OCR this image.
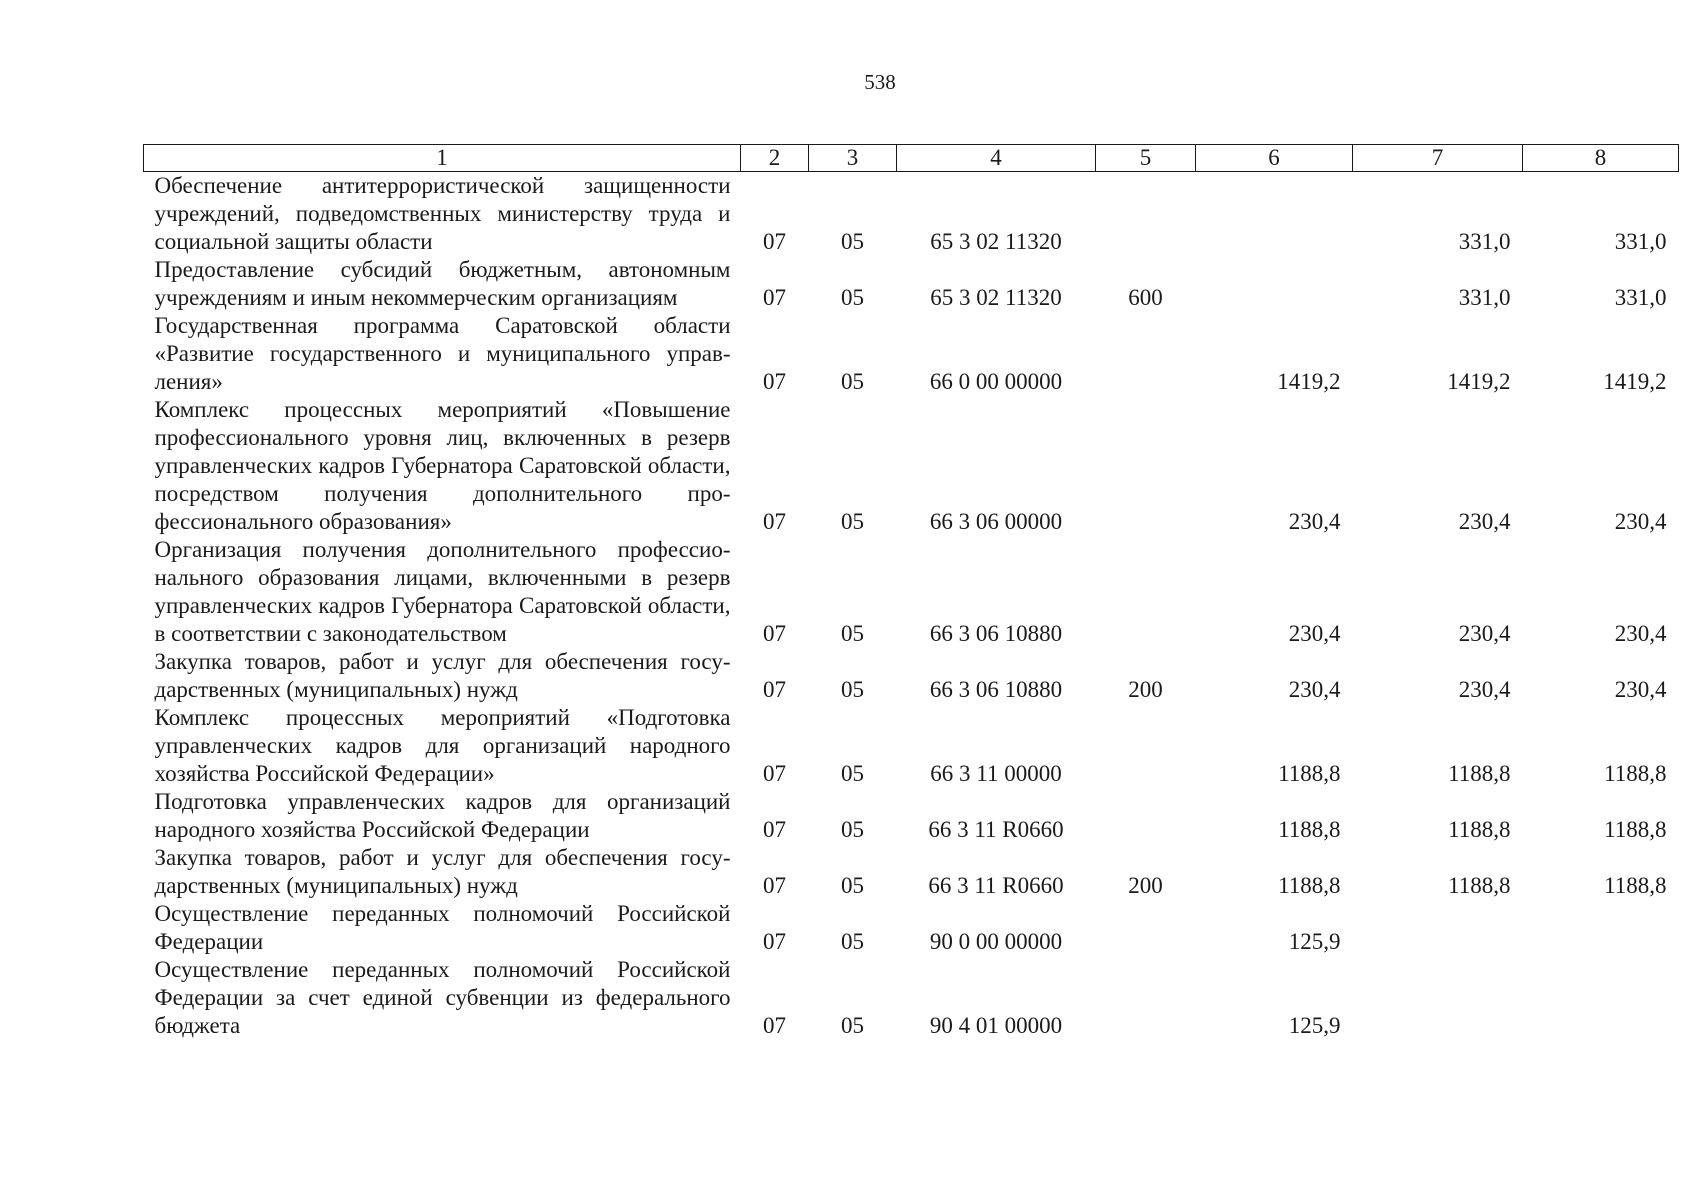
538
1	2	3	4	5	6	7	8
Обеспечение антитеррористической защищенности учреждений, подведомственных министерству труда и социальной защиты области	07	05	65 3 02 11320			331,0	331,0
Предоставление субсидий бюджетным, автономным учреждениям и иным некоммерческим организациям	07	05	65 3 02 11320	600		331,0	331,0
Государственная программа Саратовской области «Развитие государственного и муниципального управления»	07	05	66 0 00 00000		1419,2	1419,2	1419,2
Комплекс процессных мероприятий «Повышение профессионального уровня лиц, включенных в резерв управленческих кадров Губернатора Саратовской области, посредством получения дополнительного профессионального образования»	07	05	66 3 06 00000		230,4	230,4	230,4
Организация получения дополнительного профессионального образования лицами, включенными в резерв управленческих кадров Губернатора Саратовской области, в соответствии с законодательством	07	05	66 3 06 10880		230,4	230,4	230,4
Закупка товаров, работ и услуг для обеспечения государственных (муниципальных) нужд	07	05	66 3 06 10880	200	230,4	230,4	230,4
Комплекс процессных мероприятий «Подготовка управленческих кадров для организаций народного хозяйства Российской Федерации»	07	05	66 3 11 00000		1188,8	1188,8	1188,8
Подготовка управленческих кадров для организаций народного хозяйства Российской Федерации	07	05	66 3 11 R0660		1188,8	1188,8	1188,8
Закупка товаров, работ и услуг для обеспечения государственных (муниципальных) нужд	07	05	66 3 11 R0660	200	1188,8	1188,8	1188,8
Осуществление переданных полномочий Российской Федерации	07	05	90 0 00 00000		125,9		
Осуществление переданных полномочий Российской Федерации за счет единой субвенции из федерального бюджета	07	05	90 4 01 00000		125,9		
